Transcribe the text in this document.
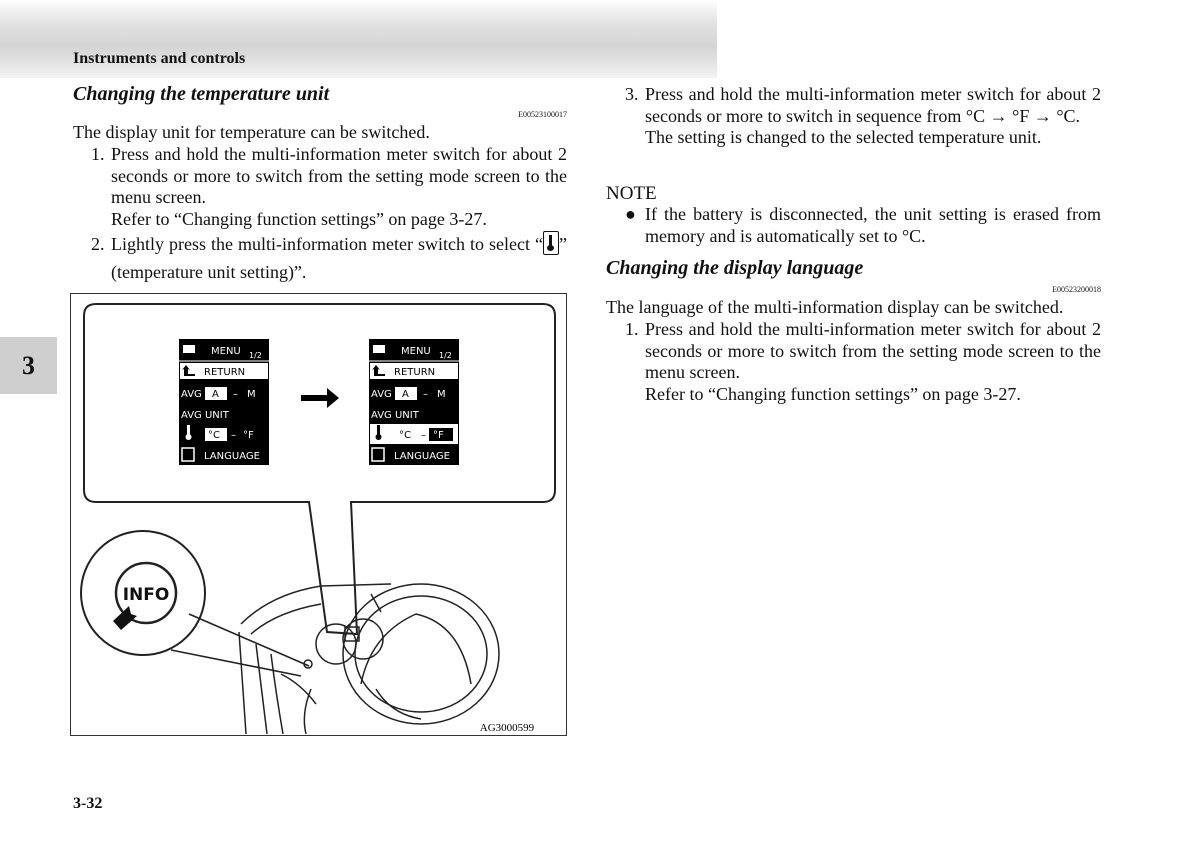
Instruments and controls
3
Changing the temperature unit
E00523100017
The display unit for temperature can be switched.
1. Press and hold the multi-information meter switch for about 2 seconds or more to switch from the setting mode screen to the menu screen.
Refer to “Changing function settings” on page 3-27.
2. Lightly press the multi-information meter switch to select “ ” (temperature unit setting)”.
MENU 1/2
RETURN
AVG A – M
AVG UNIT
°C – °F
LANGUAGE
MENU 1/2
RETURN
AVG A – M
AVG UNIT
°C – °F
LANGUAGE
INFO
AG3000599
3. Press and hold the multi-information meter switch for about 2 seconds or more to switch in sequence from °C → °F → °C.
The setting is changed to the selected temperature unit.
NOTE
● If the battery is disconnected, the unit setting is erased from memory and is automatically set to °C.
Changing the display language
E00523200018
The language of the multi-information display can be switched.
1. Press and hold the multi-information meter switch for about 2 seconds or more to switch from the setting mode screen to the menu screen.
Refer to “Changing function settings” on page 3-27.
3-32
